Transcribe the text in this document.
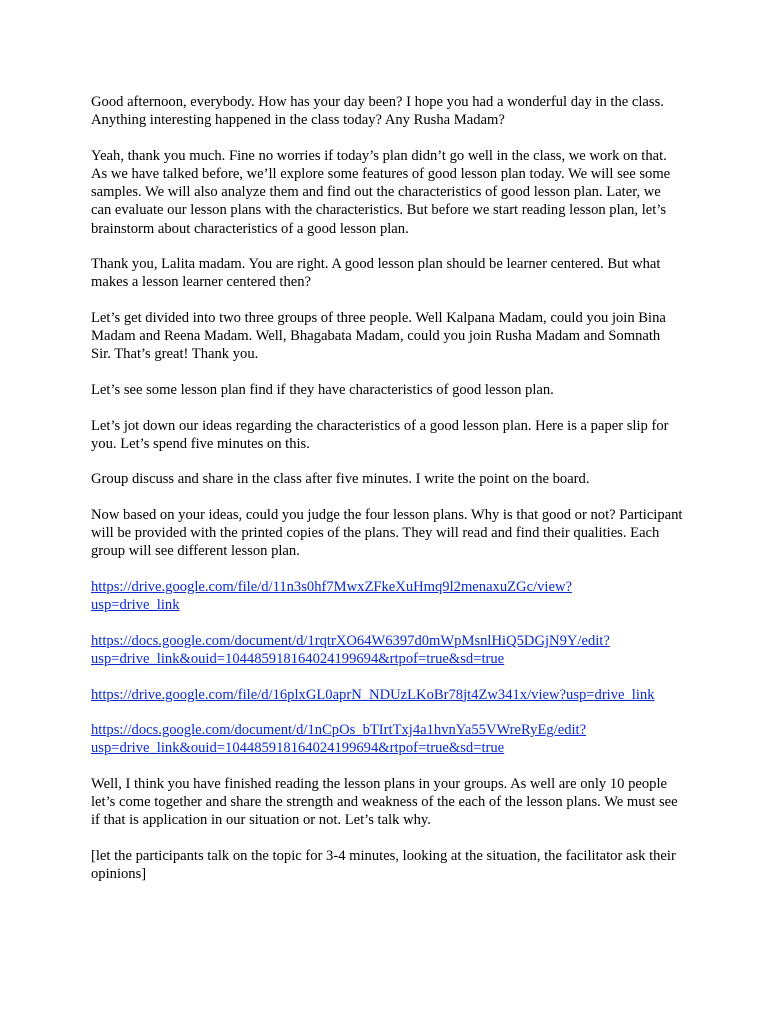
Good afternoon, everybody. How has your day been? I hope you had a wonderful day in the class. Anything interesting happened in the class today? Any Rusha Madam?

Yeah, thank you much. Fine no worries if today’s plan didn’t go well in the class, we work on that. As we have talked before, we’ll explore some features of good lesson plan today. We will see some samples. We will also analyze them and find out the characteristics of good lesson plan. Later, we can evaluate our lesson plans with the characteristics. But before we start reading lesson plan, let’s brainstorm about characteristics of a good lesson plan.

Thank you, Lalita madam. You are right. A good lesson plan should be learner centered. But what makes a lesson learner centered then?

Let’s get divided into two three groups of three people. Well Kalpana Madam, could you join Bina Madam and Reena Madam. Well, Bhagabata Madam, could you join Rusha Madam and Somnath Sir. That’s great! Thank you.

Let’s see some lesson plan find if they have characteristics of good lesson plan.

Let’s jot down our ideas regarding the characteristics of a good lesson plan. Here is a paper slip for you. Let’s spend five minutes on this.

Group discuss and share in the class after five minutes. I write the point on the board.

Now based on your ideas, could you judge the four lesson plans. Why is that good or not? Participant will be provided with the printed copies of the plans. They will read and find their qualities. Each group will see different lesson plan.

https://drive.google.com/file/d/11n3s0hf7MwxZFkeXuHmq9l2menaxuZGc/view?
usp=drive_link

https://docs.google.com/document/d/1rqtrXO64W6397d0mWpMsnlHiQ5DGjN9Y/edit?
usp=drive_link&ouid=104485918164024199694&rtpof=true&sd=true

https://drive.google.com/file/d/16plxGL0aprN_NDUzLKoBr78jt4Zw341x/view?usp=drive_link

https://docs.google.com/document/d/1nCpOs_bTIrtTxj4a1hvnYa55VWreRyEg/edit?
usp=drive_link&ouid=104485918164024199694&rtpof=true&sd=true

Well, I think you have finished reading the lesson plans in your groups. As well are only 10 people let’s come together and share the strength and weakness of the each of the lesson plans. We must see if that is application in our situation or not. Let’s talk why.

[let the participants talk on the topic for 3-4 minutes, looking at the situation, the facilitator ask their opinions]
